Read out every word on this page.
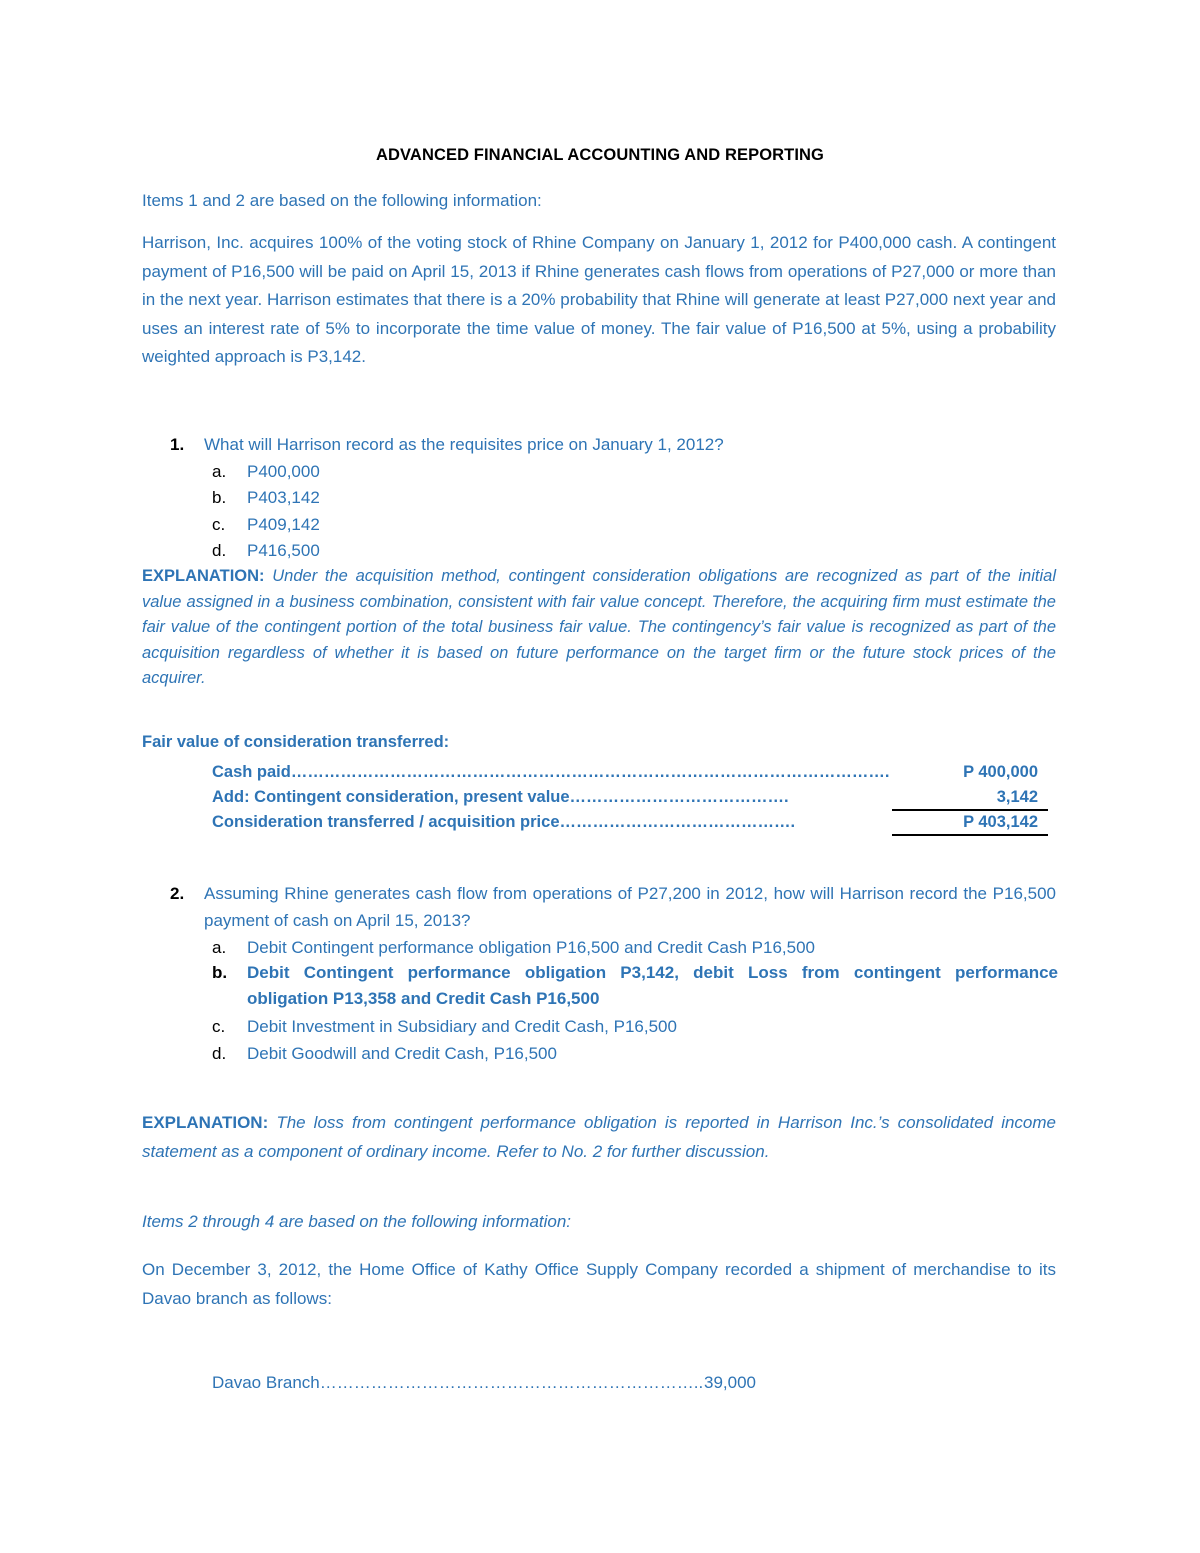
ADVANCED FINANCIAL ACCOUNTING AND REPORTING
Items 1 and 2 are based on the following information:
Harrison, Inc. acquires 100% of the voting stock of Rhine Company on January 1, 2012 for P400,000 cash. A contingent payment of P16,500 will be paid on April 15, 2013 if Rhine generates cash flows from operations of P27,000 or more than in the next year. Harrison estimates that there is a 20% probability that Rhine will generate at least P27,000 next year and uses an interest rate of 5% to incorporate the time value of money. The fair value of P16,500 at 5%, using a probability weighted approach is P3,142.
1. What will Harrison record as the requisites price on January 1, 2012?
a. P400,000
b. P403,142
c. P409,142
d. P416,500
EXPLANATION: Under the acquisition method, contingent consideration obligations are recognized as part of the initial value assigned in a business combination, consistent with fair value concept. Therefore, the acquiring firm must estimate the fair value of the contingent portion of the total business fair value. The contingency’s fair value is recognized as part of the acquisition regardless of whether it is based on future performance on the target firm or the future stock prices of the acquirer.
Fair value of consideration transferred:
Cash paid……………………………………………………………………………………………….	P 400,000
Add: Contingent consideration, present value………………………………….	3,142
Consideration transferred / acquisition price…………………………………….	P 403,142
2. Assuming Rhine generates cash flow from operations of P27,200 in 2012, how will Harrison record the P16,500 payment of cash on April 15, 2013?
a. Debit Contingent performance obligation P16,500 and Credit Cash P16,500
b. Debit Contingent performance obligation P3,142, debit Loss from contingent performance obligation P13,358 and Credit Cash P16,500
c. Debit Investment in Subsidiary and Credit Cash, P16,500
d. Debit Goodwill and Credit Cash, P16,500
EXPLANATION: The loss from contingent performance obligation is reported in Harrison Inc.’s consolidated income statement as a component of ordinary income. Refer to No. 2 for further discussion.
Items 2 through 4 are based on the following information:
On December 3, 2012, the Home Office of Kathy Office Supply Company recorded a shipment of merchandise to its Davao branch as follows:
Davao Branch………………………………………………………….. 39,000
